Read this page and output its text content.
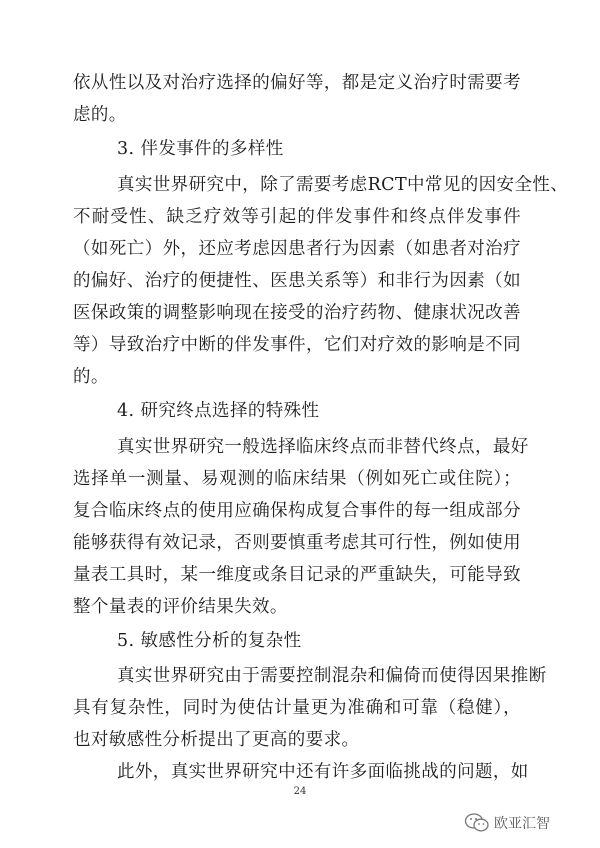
依从性以及对治疗选择的偏好等，都是定义治疗时需要考
虑的。
3. 伴发事件的多样性
真实世界研究中，除了需要考虑RCT中常见的因安全性、
不耐受性、缺乏疗效等引起的伴发事件和终点伴发事件
（如死亡）外，还应考虑因患者行为因素（如患者对治疗
的偏好、治疗的便捷性、医患关系等）和非行为因素（如
医保政策的调整影响现在接受的治疗药物、健康状况改善
等）导致治疗中断的伴发事件，它们对疗效的影响是不同
的。
4. 研究终点选择的特殊性
真实世界研究一般选择临床终点而非替代终点，最好
选择单一测量、易观测的临床结果（例如死亡或住院）；
复合临床终点的使用应确保构成复合事件的每一组成部分
能够获得有效记录，否则要慎重考虑其可行性，例如使用
量表工具时，某一维度或条目记录的严重缺失，可能导致
整个量表的评价结果失效。
5. 敏感性分析的复杂性
真实世界研究由于需要控制混杂和偏倚而使得因果推断
具有复杂性，同时为使估计量更为准确和可靠（稳健），
也对敏感性分析提出了更高的要求。
此外，真实世界研究中还有许多面临挑战的问题，如
24
欧亚汇智
